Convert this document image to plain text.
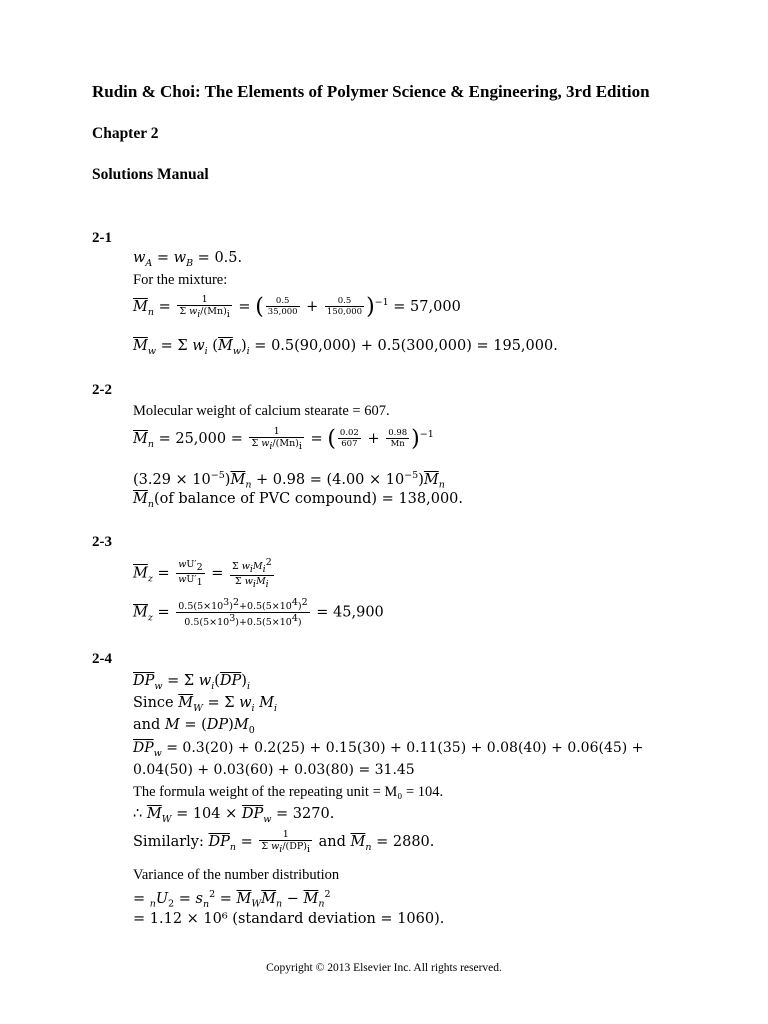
Rudin & Choi: The Elements of Polymer Science & Engineering, 3rd Edition
Chapter 2
Solutions Manual
2-1
$w_A = w_B = 0.5$.
For the mixture:
$\overline{M}_n = \frac{1}{\Sigma w_i/(\overline{M}n)_i}$ = ( $\frac{0.5}{35,000} + \frac{0.5}{150,000} )^{-1} = 57,000$
$\overline{M}_w = \Sigma$ $w_i$ $(\overline{M}_w)_i = 0.5(90,000) + 0.5(300,000) = 195,000$.
2-2
Molecular weight of calcium stearate = 607.
$\overline{M}_n = 25,000 = \frac{1}{\Sigma w_i/(\overline{M}n)_i}$ = ( $\frac{0.02}{607} + \frac{0.98}{\overline{M}n} )^{-1}$
$(3.29 \times 10^{-5})\overline{M}_n + 0.98 = (4.00 \times 10^{-5})\overline{M}_n$
$\overline{M}_n(of$ balance of PVC compound) = 138,000.
2-3
$\overline{M}_z = \frac{wU'_2}{wU'_1} = \frac{\Sigma w_iM_i^2}{\Sigma w_iM_i}$
$\overline{M}_z = \frac{0.5(5\times 10^3)^2+0.5(5\times 10^4)^2}{0.5(5\times 10^3)+0.5(5\times 10^4)} = 45,900$
2-4
$\overline{DP}_w = \Sigma$ $w_i(\overline{DP})_i$
Since $\overline{M}_W = \Sigma$ $w_i$ $M_i$
and $M = (DP)M_0$
$\overline{DP}_w = 0.3(20) + 0.2(25) + 0.15(30) + 0.11(35) + 0.08(40) + 0.06(45)$ +
0.04(50) + 0.03(60) + 0.03(80) = 31.45
The formula weight of the repeating unit = M₀ = 104.
∴ $\overline{M}_W = 104 \times \overline{DP}_w = 3270$.
Similarly: $\overline{DP}_n = \frac{1}{\Sigma w_i/(\overline{DP})_i}$ and $\overline{M}_n = 2880$.
Variance of the number distribution
= $_nU_2 = s_n^2 = \overline{M}_W\overline{M}_n - \overline{M}_n^2$
= 1.12 × 10⁶ (standard deviation = 1060).
Copyright © 2013 Elsevier Inc. All rights reserved.
